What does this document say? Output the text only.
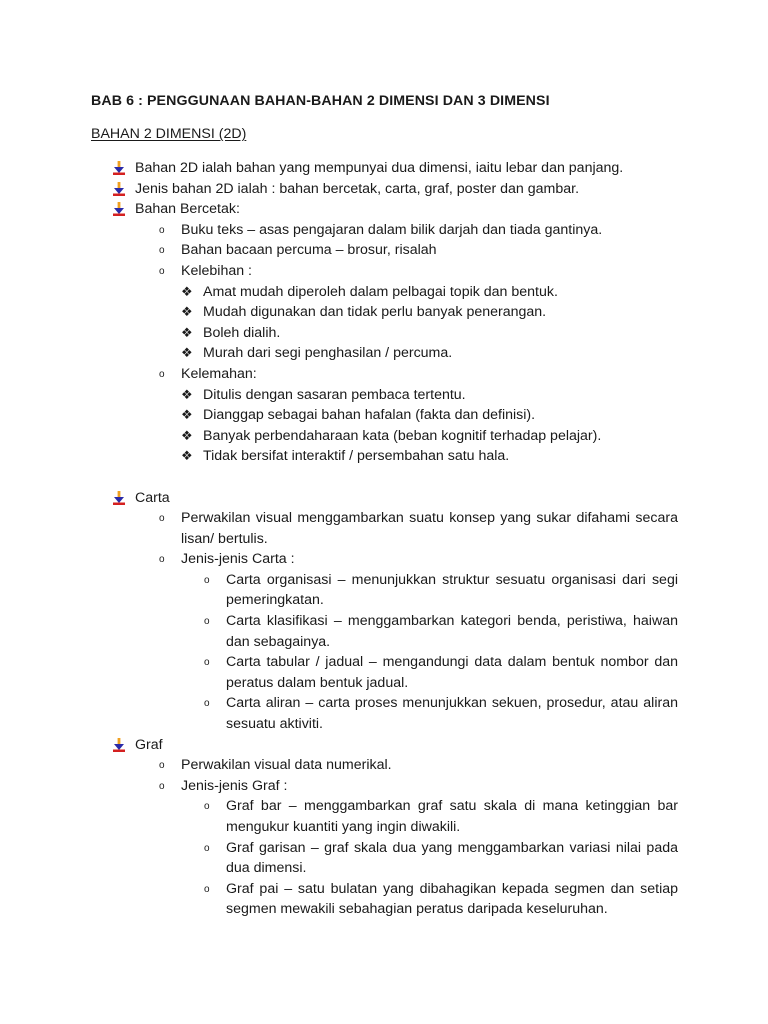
BAB 6 : PENGGUNAAN BAHAN-BAHAN 2 DIMENSI DAN 3 DIMENSI
BAHAN 2 DIMENSI (2D)
Bahan 2D ialah bahan yang mempunyai dua dimensi, iaitu lebar dan panjang.
Jenis bahan 2D ialah : bahan bercetak, carta, graf, poster dan gambar.
Bahan Bercetak:
o Buku teks – asas pengajaran dalam bilik darjah dan tiada gantinya.
o Bahan bacaan percuma – brosur, risalah
o Kelebihan :
❖ Amat mudah diperoleh dalam pelbagai topik dan bentuk.
❖ Mudah digunakan dan tidak perlu banyak penerangan.
❖ Boleh dialih.
❖ Murah dari segi penghasilan / percuma.
o Kelemahan:
❖ Ditulis dengan sasaran pembaca tertentu.
❖ Dianggap sebagai bahan hafalan (fakta dan definisi).
❖ Banyak perbendaharaan kata (beban kognitif terhadap pelajar).
❖ Tidak bersifat interaktif / persembahan satu hala.
Carta
o Perwakilan visual menggambarkan suatu konsep yang sukar difahami secara lisan/ bertulis.
o Jenis-jenis Carta :
o Carta organisasi – menunjukkan struktur sesuatu organisasi dari segi pemeringkatan.
o Carta klasifikasi – menggambarkan kategori benda, peristiwa, haiwan dan sebagainya.
o Carta tabular / jadual – mengandungi data dalam bentuk nombor dan peratus dalam bentuk jadual.
o Carta aliran – carta proses menunjukkan sekuen, prosedur, atau aliran sesuatu aktiviti.
Graf
o Perwakilan visual data numerikal.
o Jenis-jenis Graf :
o Graf bar – menggambarkan graf satu skala di mana ketinggian bar mengukur kuantiti yang ingin diwakili.
o Graf garisan – graf skala dua yang menggambarkan variasi nilai pada dua dimensi.
o Graf pai – satu bulatan yang dibahagikan kepada segmen dan setiap segmen mewakili sebahagian peratus daripada keseluruhan.
